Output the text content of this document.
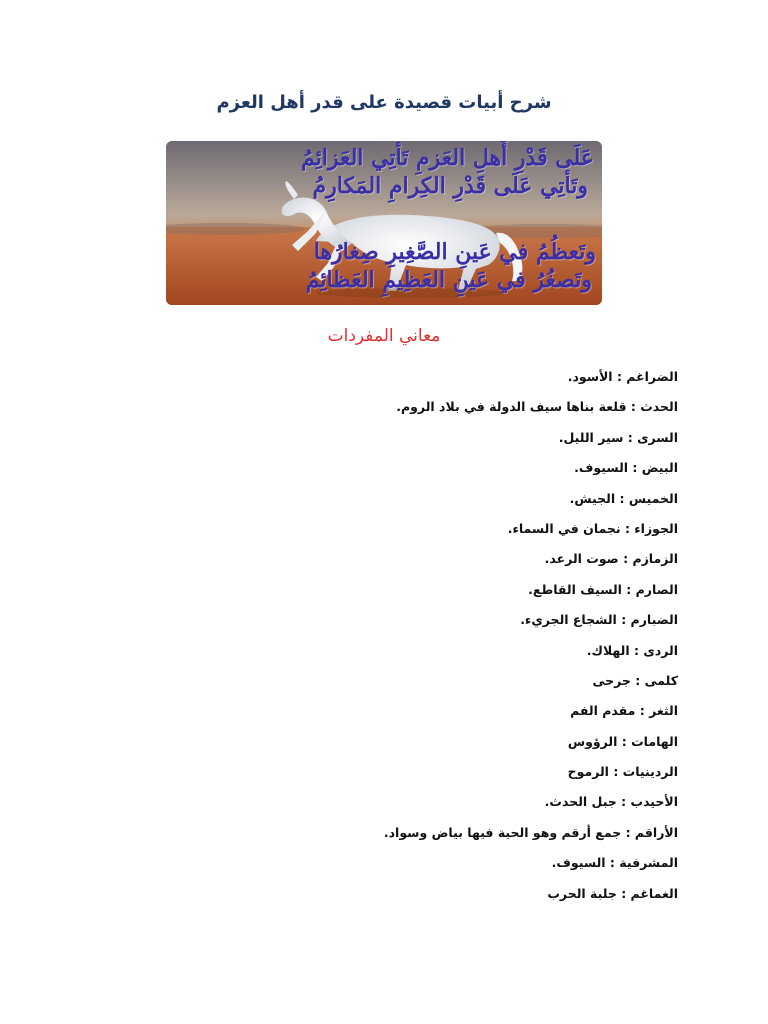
شرح أبيات قصيدة على قدر أهل العزم
عَلَى قَدْرِ أَهلِ العَزمِ تَأتِي العَزائِمُ
وتَأتِي عَلَى قَدْرِ الكِرامِ المَكارِمُ
وتَعظُمُ في عَينِ الصَّغِيرِ صِغارُها
وتَصغُرُ في عَينِ العَظِيمِ العَظائِمُ
معاني المفردات
الضراغم : الأسود.
الحدث : قلعة بناها سيف الدولة في بلاد الروم.
السرى : سير الليل.
البيض : السيوف.
الخميس : الجيش.
الجوزاء : نجمان في السماء.
الزمازم : صوت الرعد.
الصارم : السيف القاطع.
الضبارم : الشجاع الجريء.
الردى : الهلاك.
كلمى : جرحى
الثغر : مقدم الفم
الهامات : الرؤوس
الردينيات : الرموح
الأحيدب : جبل الحدث.
الأراقم : جمع أرقم وهو الحية فيها بياض وسواد.
المشرفية : السيوف.
الغماغم : جلبة الحرب
